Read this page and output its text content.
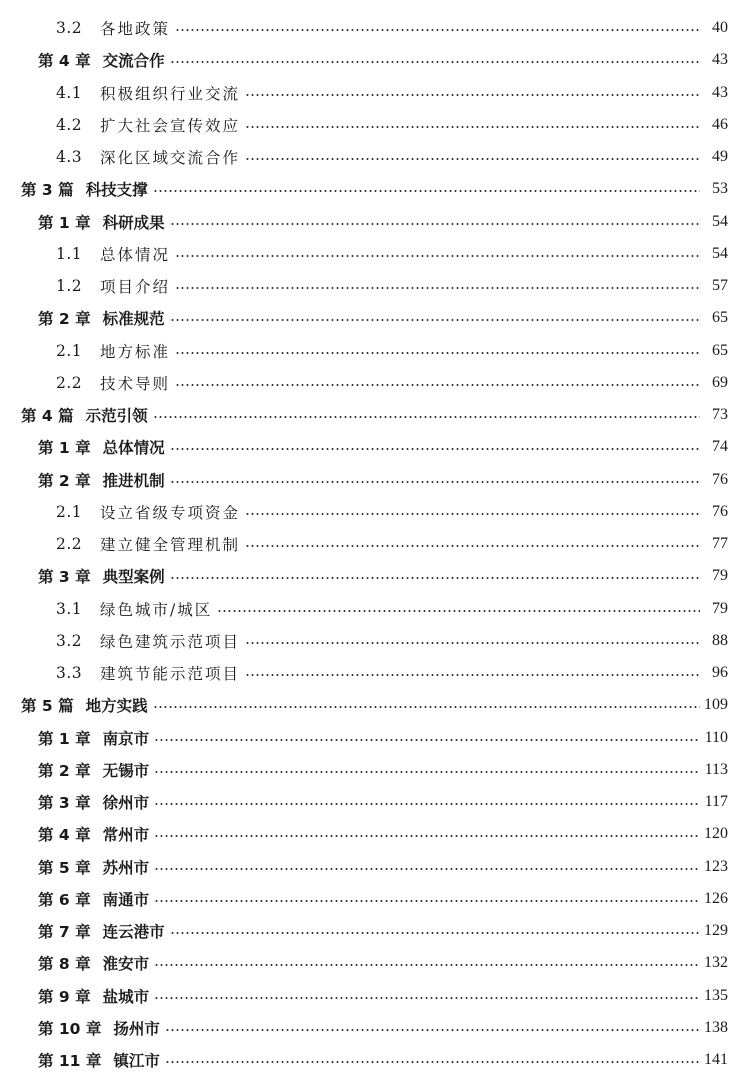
3.2	各地政策	40
第 4 章 交流合作	43
4.1	积极组织行业交流	43
4.2	扩大社会宣传效应	46
4.3	深化区域交流合作	49
第 3 篇 科技支撑	53
第 1 章 科研成果	54
1.1	总体情况	54
1.2	项目介绍	57
第 2 章 标准规范	65
2.1	地方标准	65
2.2	技术导则	69
第 4 篇 示范引领	73
第 1 章 总体情况	74
第 2 章 推进机制	76
2.1	设立省级专项资金	76
2.2	建立健全管理机制	77
第 3 章 典型案例	79
3.1	绿色城市/城区	79
3.2	绿色建筑示范项目	88
3.3	建筑节能示范项目	96
第 5 篇 地方实践	109
第 1 章 南京市	110
第 2 章 无锡市	113
第 3 章 徐州市	117
第 4 章 常州市	120
第 5 章 苏州市	123
第 6 章 南通市	126
第 7 章 连云港市	129
第 8 章 淮安市	132
第 9 章 盐城市	135
第 10 章 扬州市	138
第 11 章 镇江市	141
